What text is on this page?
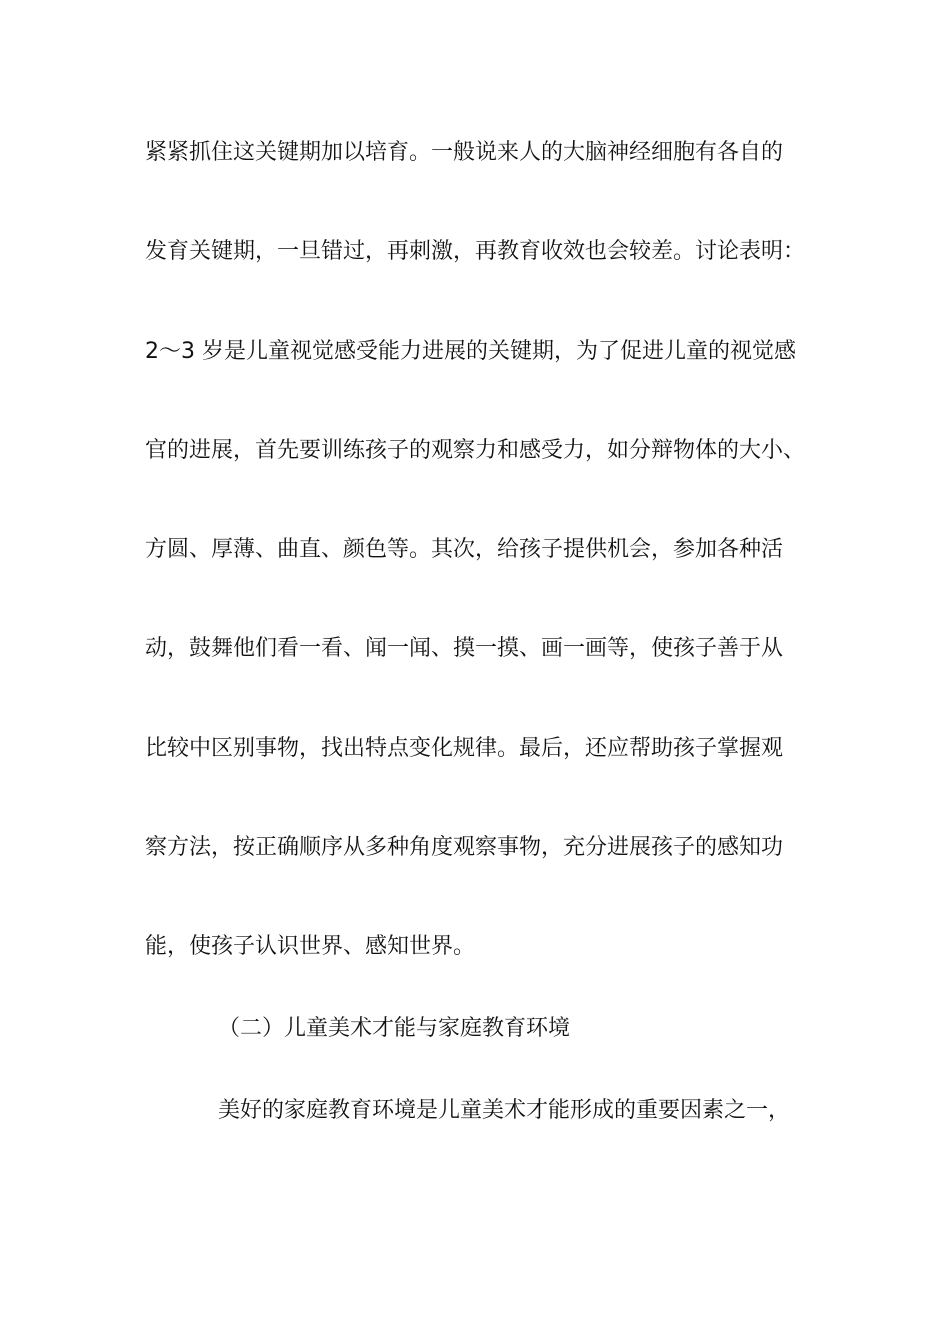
紧紧抓住这关键期加以培育。一般说来人的大脑神经细胞有各自的
发育关键期，一旦错过，再刺激，再教育收效也会较差。讨论表明：
2～3 岁是儿童视觉感受能力进展的关键期，为了促进儿童的视觉感
官的进展，首先要训练孩子的观察力和感受力，如分辩物体的大小、
方圆、厚薄、曲直、颜色等。其次，给孩子提供机会，参加各种活
动，鼓舞他们看一看、闻一闻、摸一摸、画一画等，使孩子善于从
比较中区别事物，找出特点变化规律。最后，还应帮助孩子掌握观
察方法，按正确顺序从多种角度观察事物，充分进展孩子的感知功
能，使孩子认识世界、感知世界。
（二）儿童美术才能与家庭教育环境
美好的家庭教育环境是儿童美术才能形成的重要因素之一，
